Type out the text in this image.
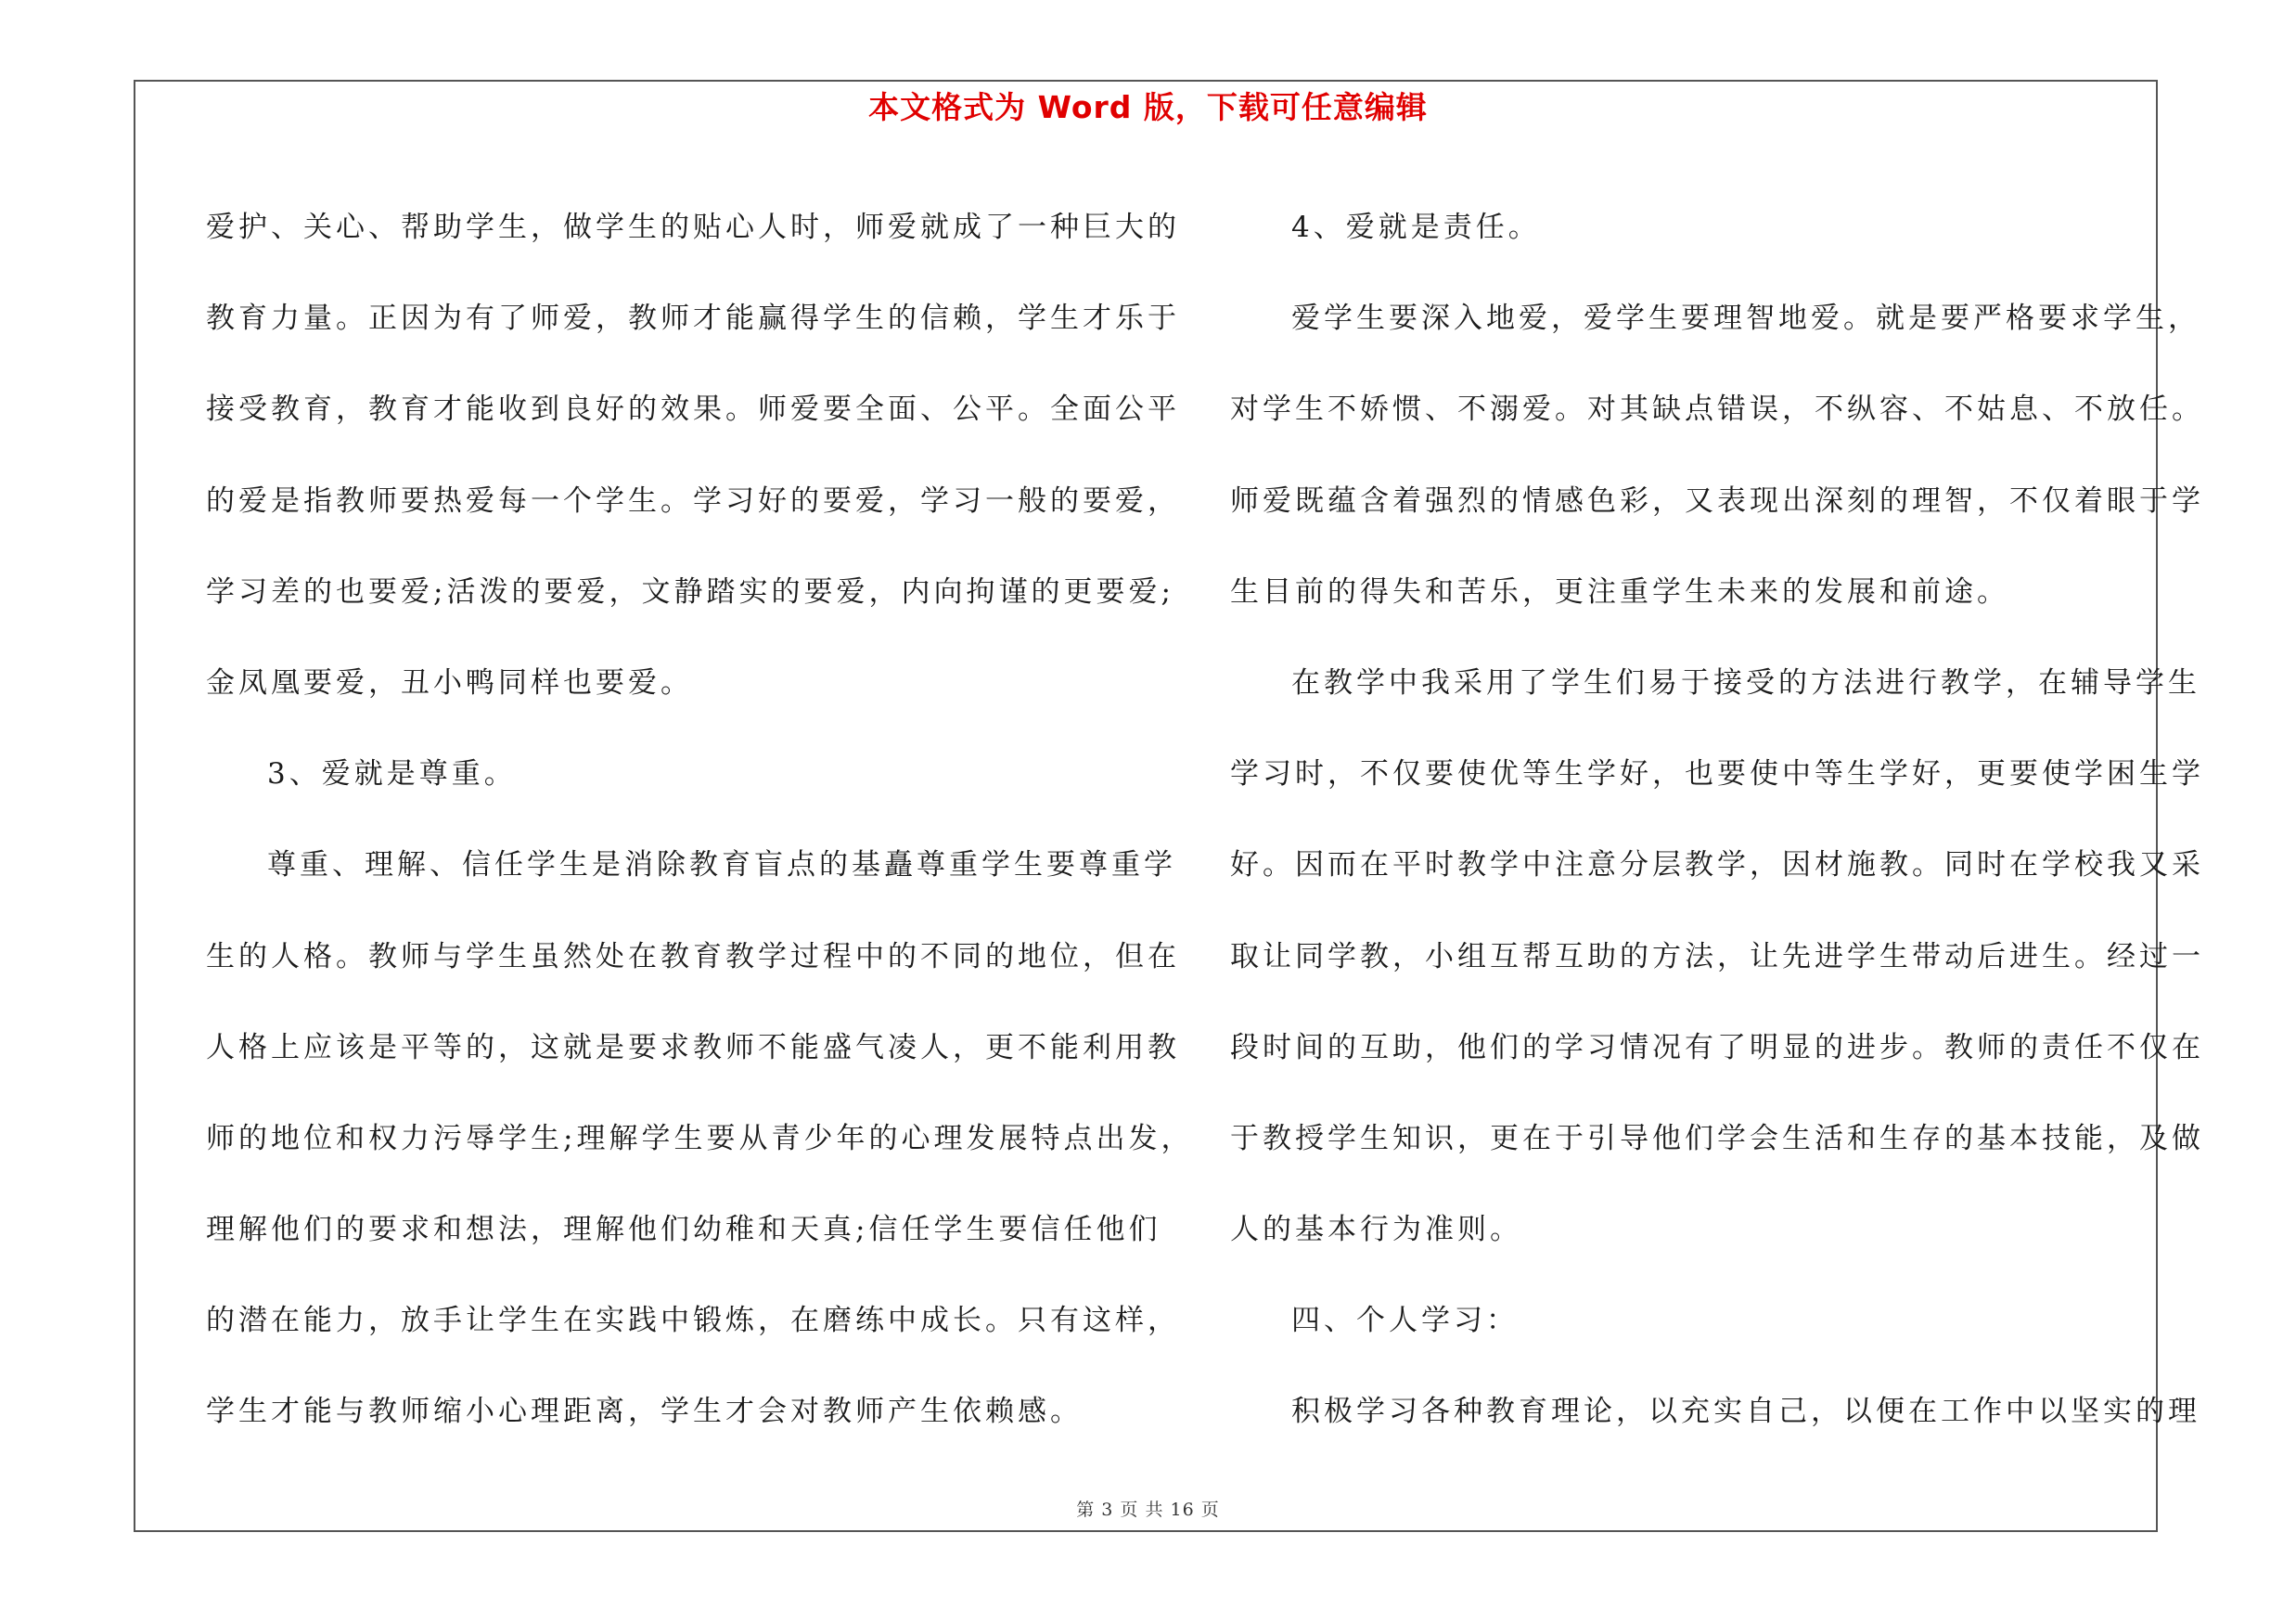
本文格式为 Word 版，下载可任意编辑
爱护、关心、帮助学生，做学生的贴心人时，师爱就成了一种巨大的
教育力量。正因为有了师爱，教师才能赢得学生的信赖，学生才乐于
接受教育，教育才能收到良好的效果。师爱要全面、公平。全面公平
的爱是指教师要热爱每一个学生。学习好的要爱，学习一般的要爱，
学习差的也要爱;活泼的要爱，文静踏实的要爱，内向拘谨的更要爱;
金凤凰要爱，丑小鸭同样也要爱。
3、爱就是尊重。
尊重、理解、信任学生是消除教育盲点的基矗尊重学生要尊重学
生的人格。教师与学生虽然处在教育教学过程中的不同的地位，但在
人格上应该是平等的，这就是要求教师不能盛气凌人，更不能利用教
师的地位和权力污辱学生;理解学生要从青少年的心理发展特点出发，
理解他们的要求和想法，理解他们幼稚和天真;信任学生要信任他们
的潜在能力，放手让学生在实践中锻炼，在磨练中成长。只有这样，
学生才能与教师缩小心理距离，学生才会对教师产生依赖感。
4、爱就是责任。
爱学生要深入地爱，爱学生要理智地爱。就是要严格要求学生，
对学生不娇惯、不溺爱。对其缺点错误，不纵容、不姑息、不放任。
师爱既蕴含着强烈的情感色彩，又表现出深刻的理智，不仅着眼于学
生目前的得失和苦乐，更注重学生未来的发展和前途。
在教学中我采用了学生们易于接受的方法进行教学，在辅导学生
学习时，不仅要使优等生学好，也要使中等生学好，更要使学困生学
好。因而在平时教学中注意分层教学，因材施教。同时在学校我又采
取让同学教，小组互帮互助的方法，让先进学生带动后进生。经过一
段时间的互助，他们的学习情况有了明显的进步。教师的责任不仅在
于教授学生知识，更在于引导他们学会生活和生存的基本技能，及做
人的基本行为准则。
四、个人学习：
积极学习各种教育理论，以充实自己，以便在工作中以坚实的理
第 3 页 共 16 页
